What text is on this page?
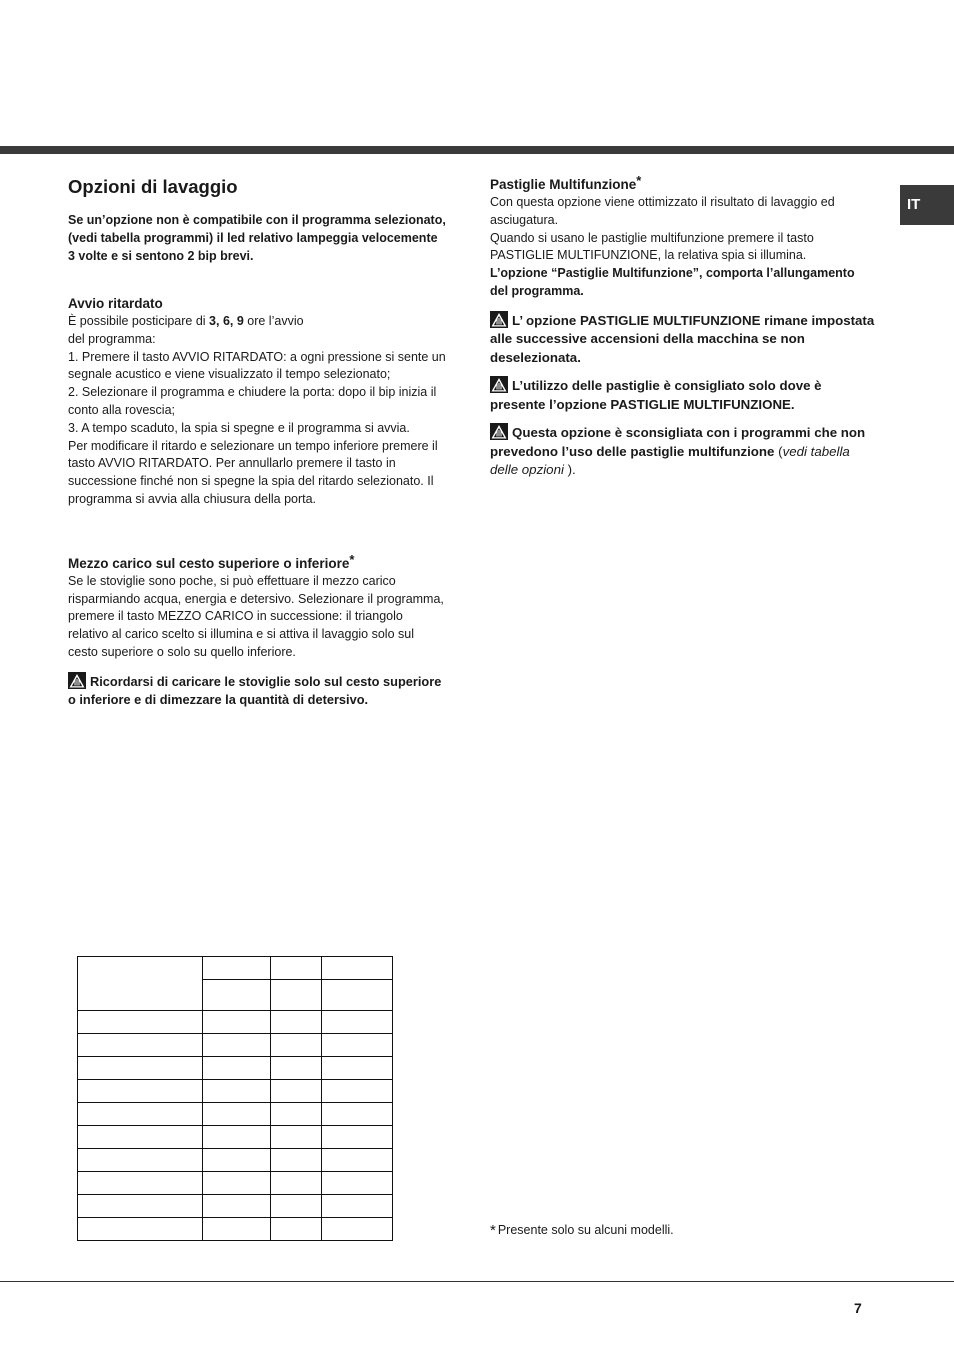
IT
Opzioni di lavaggio

Se un’opzione non è compatibile con il programma selezionato, (vedi tabella programmi) il led relativo lampeggia velocemente 3 volte e si sentono 2 bip brevi.

Avvio ritardato

È possibile posticipare di 3, 6, 9 ore l’avvio

del programma:

1. Premere il tasto AVVIO RITARDATO: a ogni pressione si sente un segnale acustico e viene visualizzato il tempo selezionato;

2. Selezionare il programma e chiudere la porta: dopo il bip inizia il conto alla rovescia;

3. A tempo scaduto, la spia si spegne e il programma si avvia.

Per modificare il ritardo e selezionare un tempo inferiore premere il tasto AVVIO RITARDATO. Per annullarlo premere il tasto in successione finché non si spegne la spia del ritardo selezionato. Il programma si avvia alla chiusura della porta.

Mezzo carico sul cesto superiore o inferiore*

Se le stoviglie sono poche, si può effettuare il mezzo carico risparmiando acqua, energia e detersivo. Selezionare il programma, premere il tasto MEZZO CARICO in successione: il triangolo relativo al carico scelto si illumina e si attiva il lavaggio solo sul cesto superiore o solo su quello inferiore.

Ricordarsi di caricare le stoviglie solo sul cesto superiore o inferiore e di dimezzare la quantità di detersivo.

Pastiglie Multifunzione*

Con questa opzione viene ottimizzato il risultato di lavaggio ed asciugatura.

Quando si usano le pastiglie multifunzione premere il tasto PASTIGLIE MULTIFUNZIONE, la relativa spia si illumina.

L’opzione “Pastiglie Multifunzione”, comporta l’allungamento del programma.

L’ opzione PASTIGLIE MULTIFUNZIONE rimane impostata alle successive accensioni della macchina se non deselezionata.

L’utilizzo delle pastiglie è consigliato solo dove è presente l’opzione PASTIGLIE MULTIFUNZIONE.

Questa opzione è sconsigliata con i programmi che non prevedono l’uso delle pastiglie multifunzione (vedi tabella delle opzioni ).

* Presente solo su alcuni modelli.
7
